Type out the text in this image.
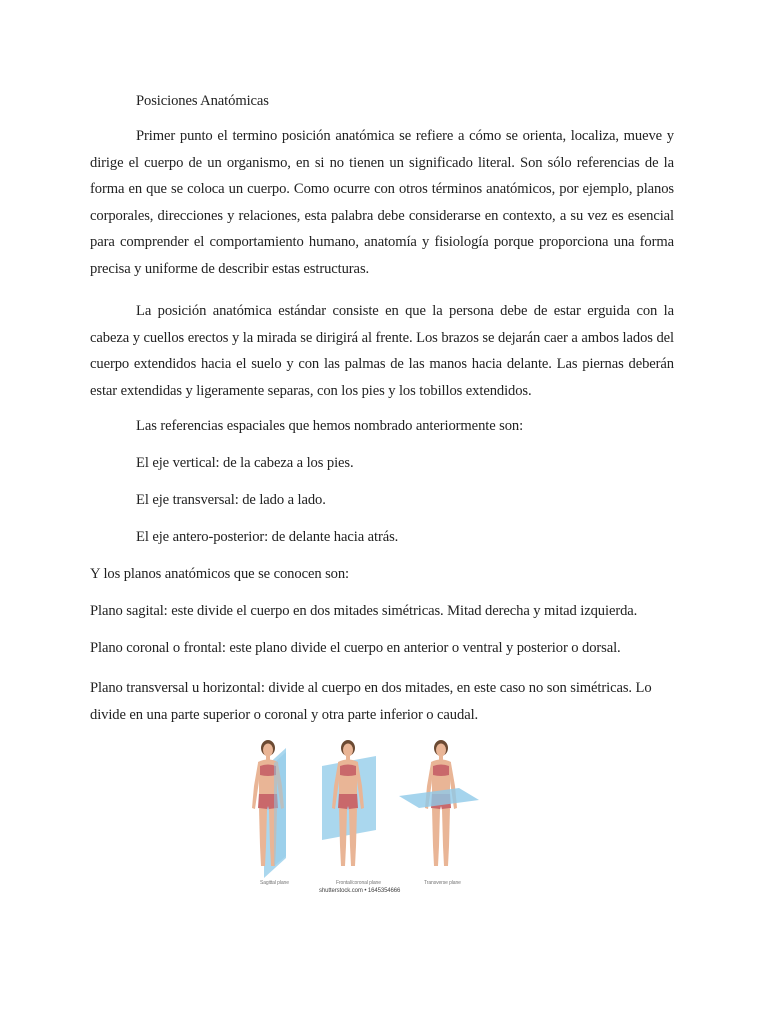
Posiciones Anatómicas
Primer punto el termino posición anatómica se refiere a cómo se orienta, localiza, mueve y dirige el cuerpo de un organismo, en si no tienen un significado literal. Son sólo referencias de la forma en que se coloca un cuerpo. Como ocurre con otros términos anatómicos, por ejemplo, planos corporales, direcciones y relaciones, esta palabra debe considerarse en contexto, a su vez es esencial para comprender el comportamiento humano, anatomía y fisiología porque proporciona una forma precisa y uniforme de describir estas estructuras.
La posición anatómica estándar consiste en que la persona debe de estar erguida con la cabeza y cuellos erectos y la mirada se dirigirá al frente. Los brazos se dejarán caer a ambos lados del cuerpo extendidos hacia el suelo y con las palmas de las manos hacia delante. Las piernas deberán estar extendidas y ligeramente separas, con los pies y los tobillos extendidos.
Las referencias espaciales que hemos nombrado anteriormente son:
El eje vertical: de la cabeza a los pies.
El eje transversal: de lado a lado.
El eje antero-posterior: de delante hacia atrás.
Y los planos anatómicos que se conocen son:
Plano sagital: este divide el cuerpo en dos mitades simétricas. Mitad derecha y mitad izquierda.
Plano coronal o frontal: este plano divide el cuerpo en anterior o ventral y posterior o dorsal.
Plano transversal u horizontal: divide al cuerpo en dos mitades, en este caso no son simétricas. Lo divide en una parte superior o coronal y otra parte inferior o caudal.
Sagittal plane	Frontal/coronal plane	Transverse plane
shutterstock.com • 1645354666
